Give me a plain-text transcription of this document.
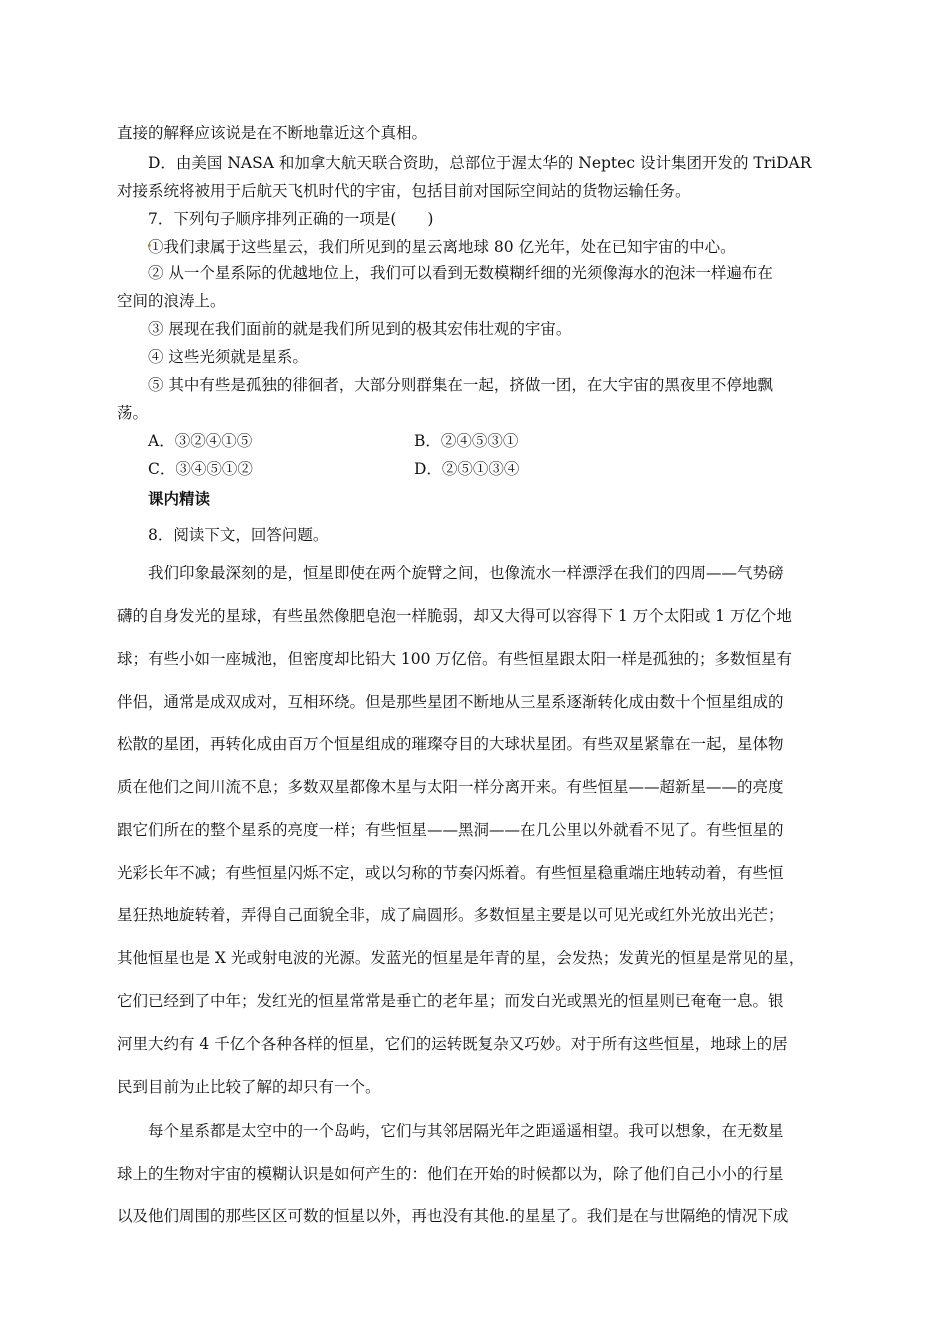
直接的解释应该说是在不断地靠近这个真相。
D．由美国 NASA 和加拿大航天联合资助，总部位于渥太华的 Neptec 设计集团开发的 TriDAR
对接系统将被用于后航天飞机时代的宇宙，包括目前对国际空间站的货物运输任务。
7．下列句子顺序排列正确的一项是(　　)
①我们隶属于这些星云，我们所见到的星云离地球 80 亿光年，处在已知宇宙的中心。
② 从一个星系际的优越地位上，我们可以看到无数模糊纤细的光须像海水的泡沫一样遍布在
空间的浪涛上。
③ 展现在我们面前的就是我们所见到的极其宏伟壮观的宇宙。
④ 这些光须就是星系。
⑤ 其中有些是孤独的徘徊者，大部分则群集在一起，挤做一团，在大宇宙的黑夜里不停地飘
荡。
A．③②④①⑤	B．②④⑤③①
C．③④⑤①②	D．②⑤①③④
课内精读
8．阅读下文，回答问题。
我们印象最深刻的是，恒星即使在两个旋臂之间，也像流水一样漂浮在我们的四周——气势磅
礴的自身发光的星球，有些虽然像肥皂泡一样脆弱，却又大得可以容得下 1 万个太阳或 1 万亿个地
球；有些小如一座城池，但密度却比铅大 100 万亿倍。有些恒星跟太阳一样是孤独的；多数恒星有
伴侣，通常是成双成对，互相环绕。但是那些星团不断地从三星系逐渐转化成由数十个恒星组成的
松散的星团，再转化成由百万个恒星组成的璀璨夺目的大球状星团。有些双星紧靠在一起，星体物
质在他们之间川流不息；多数双星都像木星与太阳一样分离开来。有些恒星——超新星——的亮度
跟它们所在的整个星系的亮度一样；有些恒星——黑洞——在几公里以外就看不见了。有些恒星的
光彩长年不减；有些恒星闪烁不定，或以匀称的节奏闪烁着。有些恒星稳重端庄地转动着，有些恒
星狂热地旋转着，弄得自己面貌全非，成了扁圆形。多数恒星主要是以可见光或红外光放出光芒；
其他恒星也是 X 光或射电波的光源。发蓝光的恒星是年青的星，会发热；发黄光的恒星是常见的星，
它们已经到了中年；发红光的恒星常常是垂亡的老年星；而发白光或黑光的恒星则已奄奄一息。银
河里大约有 4 千亿个各种各样的恒星，它们的运转既复杂又巧妙。对于所有这些恒星，地球上的居
民到目前为止比较了解的却只有一个。
每个星系都是太空中的一个岛屿，它们与其邻居隔光年之距遥遥相望。我可以想象，在无数星
球上的生物对宇宙的模糊认识是如何产生的：他们在开始的时候都以为，除了他们自己小小的行星
以及他们周围的那些区区可数的恒星以外，再也没有其他.的星星了。我们是在与世隔绝的情况下成
